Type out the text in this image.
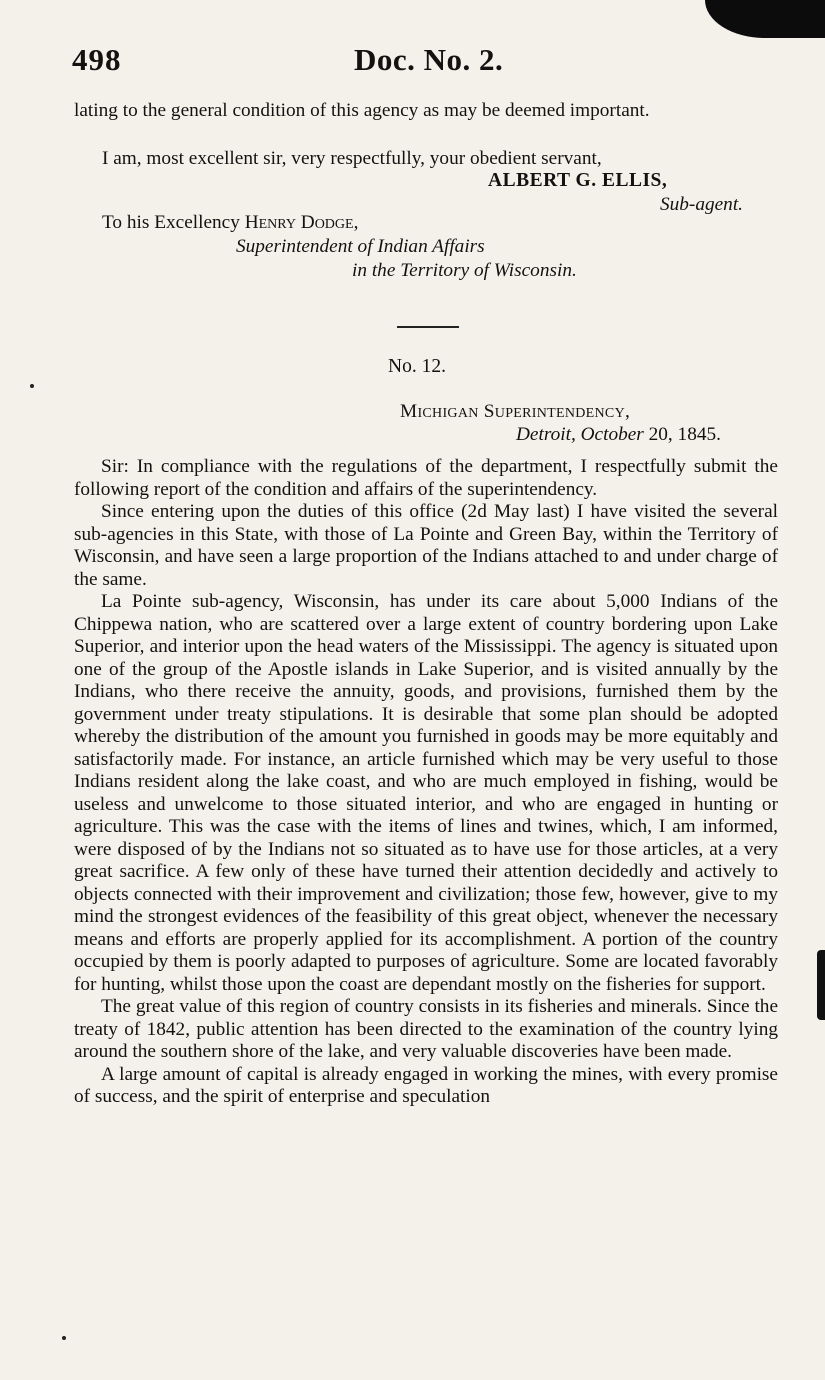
498	Doc. No. 2.

lating to the general condition of this agency as may be deemed important.

I am, most excellent sir, very respectfully, your obedient servant,
ALBERT G. ELLIS,
Sub-agent.
To his Excellency Henry Dodge,
Superintendent of Indian Affairs
in the Territory of Wisconsin.
No. 12.
Michigan Superintendency,
Detroit, October 20, 1845.

Sir: In compliance with the regulations of the department, I respectfully submit the following report of the condition and affairs of the superintendency.

Since entering upon the duties of this office (2d May last) I have visited the several sub-agencies in this State, with those of La Pointe and Green Bay, within the Territory of Wisconsin, and have seen a large proportion of the Indians attached to and under charge of the same.

La Pointe sub-agency, Wisconsin, has under its care about 5,000 Indians of the Chippewa nation, who are scattered over a large extent of country bordering upon Lake Superior, and interior upon the head waters of the Mississippi. The agency is situated upon one of the group of the Apostle islands in Lake Superior, and is visited annually by the Indians, who there receive the annuity, goods, and provisions, furnished them by the government under treaty stipulations. It is desirable that some plan should be adopted whereby the distribution of the amount you furnished in goods may be more equitably and satisfactorily made. For instance, an article furnished which may be very useful to those Indians resident along the lake coast, and who are much employed in fishing, would be useless and unwelcome to those situated interior, and who are engaged in hunting or agriculture. This was the case with the items of lines and twines, which, I am informed, were disposed of by the Indians not so situated as to have use for those articles, at a very great sacrifice. A few only of these have turned their attention decidedly and actively to objects connected with their improvement and civilization; those few, however, give to my mind the strongest evidences of the feasibility of this great object, whenever the necessary means and efforts are properly applied for its accomplishment. A portion of the country occupied by them is poorly adapted to purposes of agriculture. Some are located favorably for hunting, whilst those upon the coast are dependant mostly on the fisheries for support.

The great value of this region of country consists in its fisheries and minerals. Since the treaty of 1842, public attention has been directed to the examination of the country lying around the southern shore of the lake, and very valuable discoveries have been made.

A large amount of capital is already engaged in working the mines, with every promise of success, and the spirit of enterprise and speculation
